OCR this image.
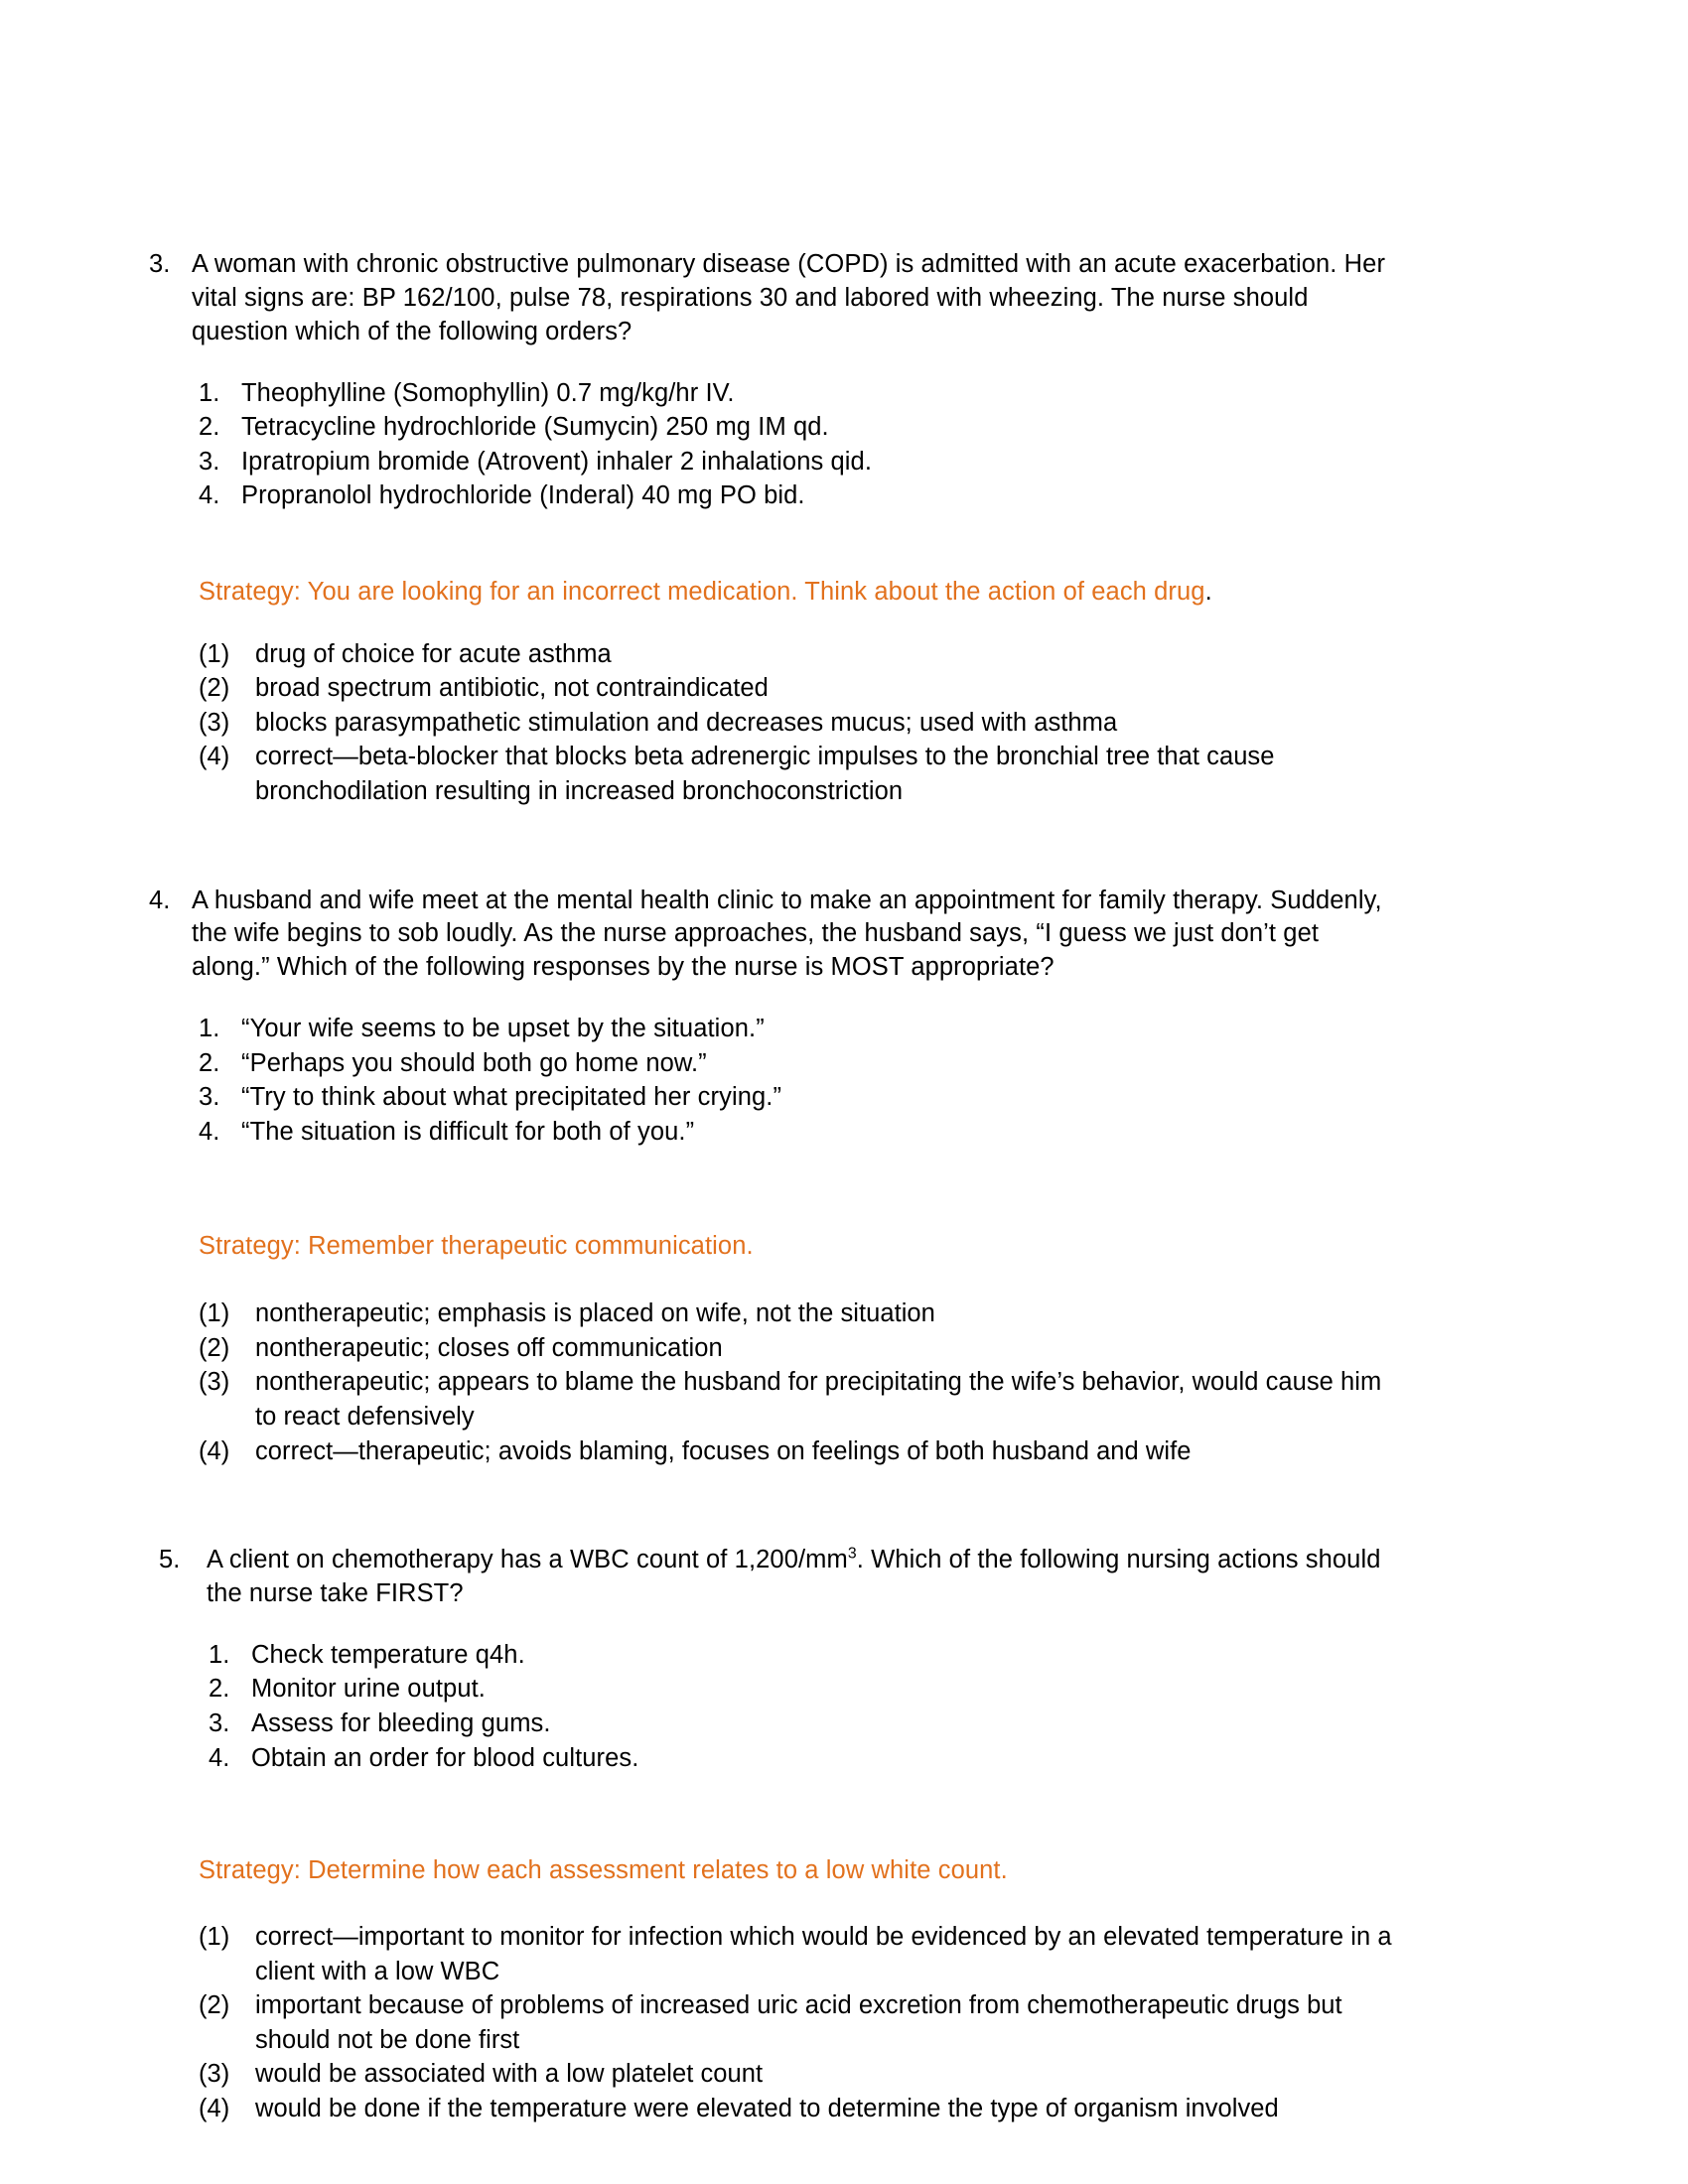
3. A woman with chronic obstructive pulmonary disease (COPD) is admitted with an acute exacerbation. Her vital signs are: BP 162/100, pulse 78, respirations 30 and labored with wheezing. The nurse should question which of the following orders?
1. Theophylline (Somophyllin) 0.7 mg/kg/hr IV.
2. Tetracycline hydrochloride (Sumycin) 250 mg IM qd.
3. Ipratropium bromide (Atrovent) inhaler 2 inhalations qid.
4. Propranolol hydrochloride (Inderal) 40 mg PO bid.
Strategy: You are looking for an incorrect medication. Think about the action of each drug.
(1)	drug of choice for acute asthma
(2)	broad spectrum antibiotic, not contraindicated
(3)	blocks parasympathetic stimulation and decreases mucus; used with asthma
(4)	correct—beta-blocker that blocks beta adrenergic impulses to the bronchial tree that cause bronchodilation resulting in increased bronchoconstriction
4. A husband and wife meet at the mental health clinic to make an appointment for family therapy. Suddenly, the wife begins to sob loudly. As the nurse approaches, the husband says, “I guess we just don’t get along.” Which of the following responses by the nurse is MOST appropriate?
1. “Your wife seems to be upset by the situation.”
2. “Perhaps you should both go home now.”
3. “Try to think about what precipitated her crying.”
4. “The situation is difficult for both of you.”
Strategy: Remember therapeutic communication.
(1)	nontherapeutic; emphasis is placed on wife, not the situation
(2)	nontherapeutic; closes off communication
(3)	nontherapeutic; appears to blame the husband for precipitating the wife’s behavior, would cause him to react defensively
(4)	correct—therapeutic; avoids blaming, focuses on feelings of both husband and wife
5.	A client on chemotherapy has a WBC count of $1,200/mm^3$. Which of the following nursing actions should the nurse take FIRST?
1. Check temperature q4h.
2. Monitor urine output.
3. Assess for bleeding gums.
4. Obtain an order for blood cultures.
Strategy: Determine how each assessment relates to a low white count.
(1)	correct—important to monitor for infection which would be evidenced by an elevated temperature in a client with a low WBC
(2)	important because of problems of increased uric acid excretion from chemotherapeutic drugs but should not be done first
(3)	would be associated with a low platelet count
(4)	would be done if the temperature were elevated to determine the type of organism involved
